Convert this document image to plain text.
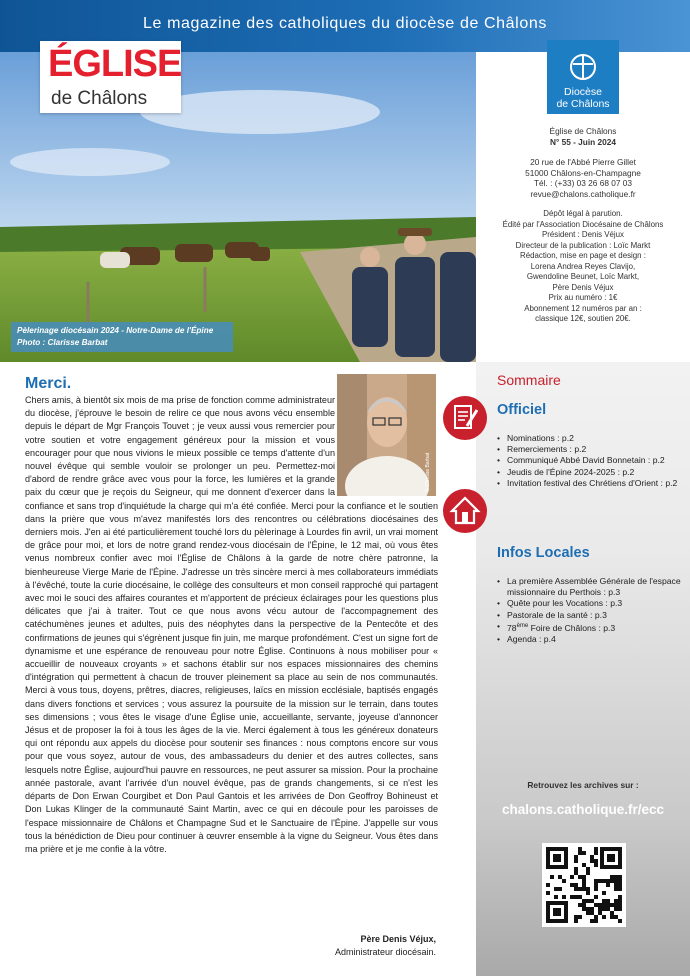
Le magazine des catholiques du diocèse de Châlons
Pèlerinage diocésain 2024 - Notre-Dame de l'Épine
Photo : Clarisse Barbat
ÉGLISE
de Châlons	Diocèse
de Châlons
Église de Châlons
N° 55 - Juin 2024
20 rue de l'Abbé Pierre Gillet
51000 Châlons-en-Champagne
Tél. : (+33) 03 26 68 07 03
revue@chalons.catholique.fr
Dépôt légal à parution.
Édité par l'Association Diocésaine de Châlons
Président : Denis Véjux
Directeur de la publication : Loïc Markt
Rédaction, mise en page et design :
Lorena Andrea Reyes Clavijo,
Gwendoline Beunet, Loïc Markt,
Père Denis Véjux
Prix au numéro : 1€
Abonnement 12 numéros par an :
classique 12€, soutien 20€.
Merci.
© Clarisse Barbat
Chers amis, à bientôt six mois de ma prise de fonction comme administrateur du diocèse, j'éprouve le besoin de relire ce que nous avons vécu ensemble depuis le départ de Mgr François Touvet ; je veux aussi vous remercier pour votre soutien et votre engagement généreux pour la mission et vous encourager pour que nous vivions le mieux possible ce temps d'attente d'un nouvel évêque qui semble vouloir se prolonger un peu. Permettez-moi d'abord de rendre grâce avec vous pour la force, les lumières et la grande paix du cœur que je reçois du Seigneur, qui me donnent d'exercer dans la confiance et sans trop d'inquiétude la charge qui m'a été confiée. Merci pour la confiance et le soutien dans la prière que vous m'avez manifestés lors des rencontres ou célébrations diocésaines des derniers mois. J'en ai été particulièrement touché lors du pèlerinage à Lourdes fin avril, un vrai moment de grâce pour moi, et lors de notre grand rendez-vous diocésain de l'Épine, le 12 mai, où vous êtes venus nombreux confier avec moi l'Église de Châlons à la garde de notre chère patronne, la bienheureuse Vierge Marie de l'Épine. J'adresse un très sincère merci à mes collaborateurs immédiats à l'évêché, toute la curie diocésaine, le collège des consulteurs et mon conseil rapproché qui partagent avec moi le souci des affaires courantes et m'apportent de précieux éclairages pour les questions plus délicates que j'ai à traiter. Tout ce que nous avons vécu autour de l'accompagnement des catéchumènes jeunes et adultes, puis des néophytes dans la perspective de la Pentecôte et des confirmations de jeunes qui s'égrènent jusque fin juin, me marque profondément. C'est un signe fort de dynamisme et une espérance de renouveau pour notre Église. Continuons à nous mobiliser pour « accueillir de nouveaux croyants » et sachons établir sur nos espaces missionnaires des chemins d'intégration qui permettent à chacun de trouver pleinement sa place au sein de nos communautés. Merci à vous tous, doyens, prêtres, diacres, religieuses, laïcs en mission ecclésiale, baptisés engagés dans divers fonctions et services ; vous assurez la poursuite de la mission sur le terrain, dans toutes ses dimensions ; vous êtes le visage d'une Église unie, accueillante, servante, joyeuse d'annoncer Jésus et de proposer la foi à tous les âges de la vie. Merci également à tous les généreux donateurs qui ont répondu aux appels du diocèse pour soutenir ses finances : nous comptons encore sur vous pour que vous soyez, autour de vous, des ambassadeurs du denier et des autres collectes, sans lesquels notre Église, aujourd'hui pauvre en ressources, ne peut assurer sa mission. Pour la prochaine année pastorale, avant l'arrivée d'un nouvel évêque, pas de grands changements, si ce n'est les départs de Don Erwan Courgibet et Don Paul Gantois et les arrivées de Don Geoffroy Bohineust et Don Lukas Klinger de la communauté Saint Martin, avec ce qui en découle pour les paroisses de l'espace missionnaire de Châlons et Champagne Sud et le Sanctuaire de l'Épine. J'appelle sur vous tous la bénédiction de Dieu pour continuer à œuvrer ensemble à la vigne du Seigneur. Vous êtes dans ma prière et je me confie à la vôtre.
Père Denis Véjux,
Administrateur diocésain.
Sommaire
Officiel
• Nominations : p.2
• Remerciements : p.2
• Communiqué Abbé David Bonnetain : p.2
• Jeudis de l'Épine 2024-2025 : p.2
• Invitation festival des Chrétiens d'Orient : p.2
Infos Locales
• La première Assemblée Générale de l'espace missionnaire du Perthois : p.3
• Quête pour les Vocations : p.3
• Pastorale de la santé : p.3
• 78ème Foire de Châlons : p.3
• Agenda : p.4
Retrouvez les archives sur :
chalons.catholique.fr/ecc
